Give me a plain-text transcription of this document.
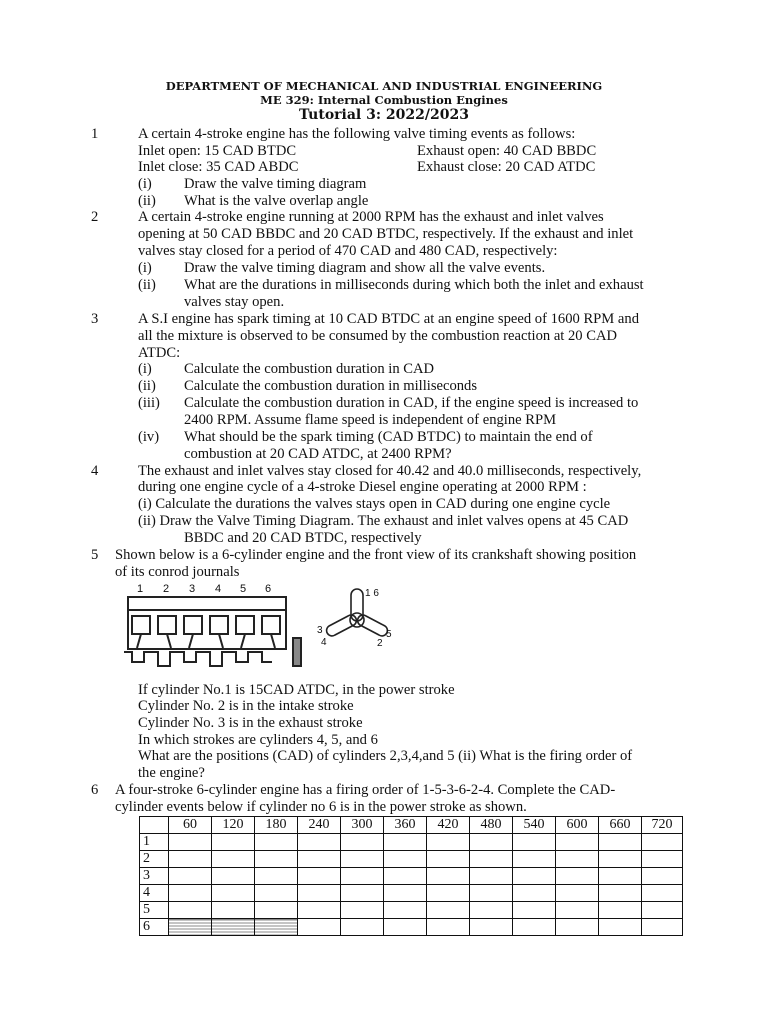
DEPARTMENT OF MECHANICAL AND INDUSTRIAL ENGINEERING
ME 329: Internal Combustion Engines
Tutorial 3: 2022/2023
1	A certain 4-stroke engine has the following valve timing events as follows:
Inlet open: 15 CAD BTDC	Exhaust open: 40 CAD BBDC
Inlet close: 35 CAD ABDC	Exhaust close: 20 CAD ATDC
(i) Draw the valve timing diagram
(ii) What is the valve overlap angle
2	A certain 4-stroke engine running at 2000 RPM has the exhaust and inlet valves
opening at 50 CAD BBDC and 20 CAD BTDC, respectively. If the exhaust and inlet
valves stay closed for a period of 470 CAD and 480 CAD, respectively:
(i) Draw the valve timing diagram and show all the valve events.
(ii) What are the durations in milliseconds during which both the inlet and exhaust
valves stay open.
3	A S.I engine has spark timing at 10 CAD BTDC at an engine speed of 1600 RPM and
all the mixture is observed to be consumed by the combustion reaction at 20 CAD
ATDC:
(i) Calculate the combustion duration in CAD
(ii) Calculate the combustion duration in milliseconds
(iii) Calculate the combustion duration in CAD, if the engine speed is increased to
2400 RPM. Assume flame speed is independent of engine RPM
(iv) What should be the spark timing (CAD BTDC) to maintain the end of
combustion at 20 CAD ATDC, at 2400 RPM?
4	The exhaust and inlet valves stay closed for 40.42 and 40.0 milliseconds, respectively,
during one engine cycle of a 4-stroke Diesel engine operating at 2000 RPM :
(i) Calculate the durations the valves stays open in CAD during one engine cycle
(ii) Draw the Valve Timing Diagram. The exhaust and inlet valves opens at 45 CAD
BBDC and 20 CAD BTDC, respectively
5 Shown below is a 6-cylinder engine and the front view of its crankshaft showing position
of its conrod journals
1 2 3 4 5 6	1 6
3
4
5
2
If cylinder No.1 is 15CAD ATDC, in the power stroke
Cylinder No. 2 is in the intake stroke
Cylinder No. 3 is in the exhaust stroke
In which strokes are cylinders 4, 5, and 6
What are the positions (CAD) of cylinders 2,3,4,and 5 (ii) What is the firing order of
the engine?
6 A four-stroke 6-cylinder engine has a firing order of 1-5-3-6-2-4. Complete the CAD-
cylinder events below if cylinder no 6 is in the power stroke as shown.
	60	120	180	240	300	360	420	480	540	600	660	720
1												
2												
3												
4												
5												
6												
